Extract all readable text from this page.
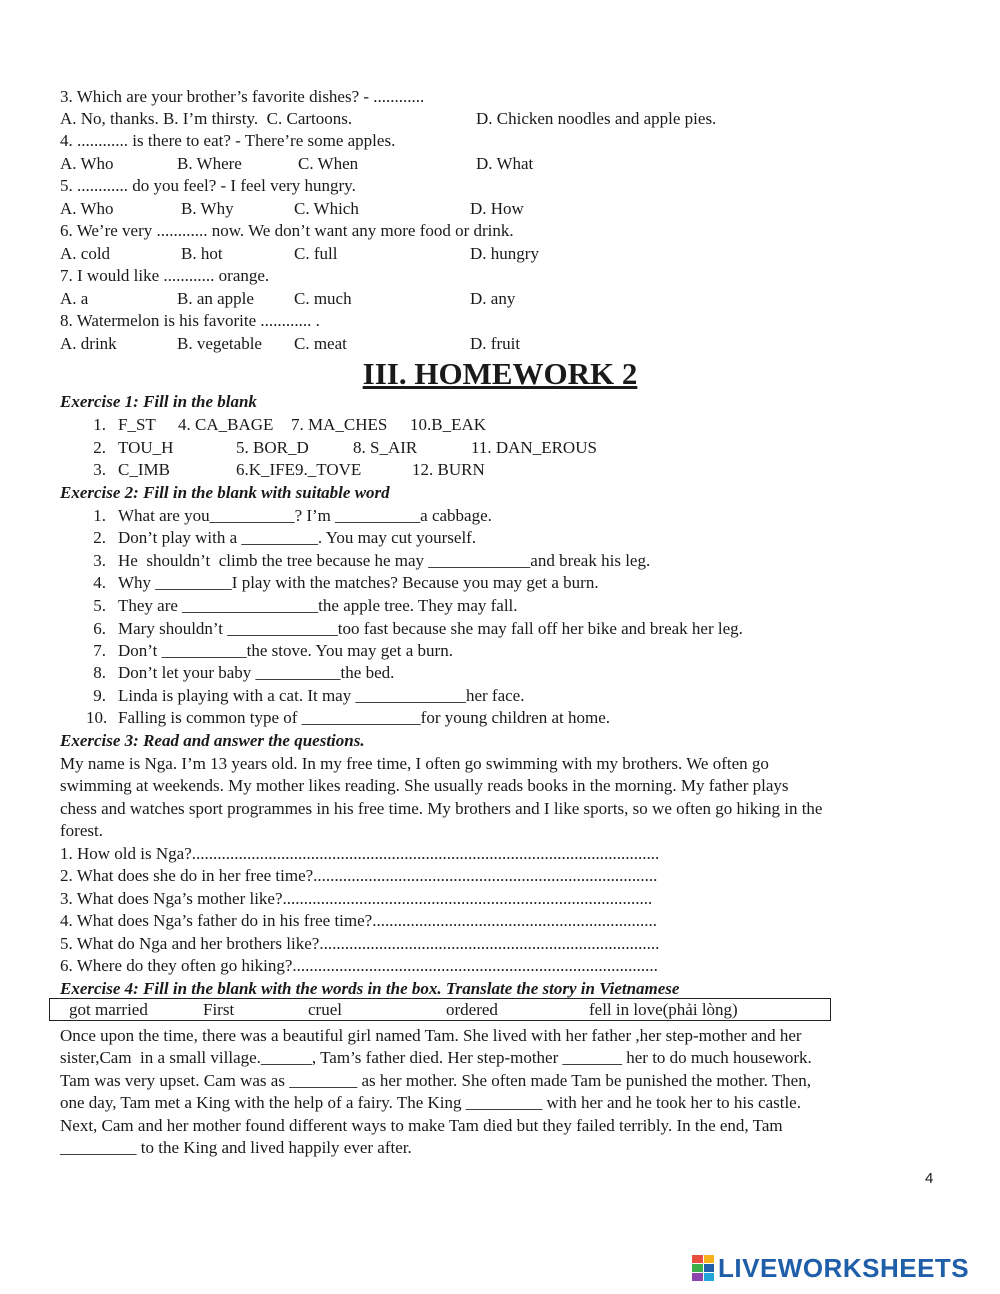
3. Which are your brother’s favorite dishes? - ............
A. No, thanks. B. I’m thirsty.  C. Cartoons.	D. Chicken noodles and apple pies.
4. ............ is there to eat? - There’re some apples.
A. Who	B. Where	C. When	D. What
5. ............ do you feel? - I feel very hungry.
A. Who	B. Why	C. Which	D. How
6. We’re very ............ now. We don’t want any more food or drink.
A. cold	B. hot	C. full	D. hungry
7. I would like ............ orange.
A. a	B. an apple C. much	D. any
8. Watermelon is his favorite ............ .
A. drink	B. vegetable C. meat	D. fruit
III. HOMEWORK 2
Exercise 1: Fill in the blank
1. F_ST 4. CA_BAGE 7. MA_CHES 10.B_EAK
2. TOU_H	5. BOR_D	8. S_AIR	11. DAN_EROUS
3. C_IMB	6.K_IFE9._TOVE	12. BURN
Exercise 2: Fill in the blank with suitable word
1. What are you__________? I’m __________a cabbage.
2. Don’t play with a _________. You may cut yourself.
3. He  shouldn’t  climb the tree because he may ____________and break his leg.
4. Why _________I play with the matches? Because you may get a burn.
5. They are ________________the apple tree. They may fall.
6. Mary shouldn’t _____________too fast because she may fall off her bike and break her leg.
7. Don’t __________the stove. You may get a burn.
8. Don’t let your baby __________the bed.
9. Linda is playing with a cat. It may _____________her face.
10. Falling is common type of ______________for young children at home.
Exercise 3: Read and answer the questions.
My name is Nga. I’m 13 years old. In my free time, I often go swimming with my brothers. We often go
swimming at weekends. My mother likes reading. She usually reads books in the morning. My father plays
chess and watches sport programmes in his free time. My brothers and I like sports, so we often go hiking in the
forest.
1. How old is Nga?..............................................................................................................
2. What does she do in her free time?.................................................................................
3. What does Nga’s mother like?.......................................................................................
4. What does Nga’s father do in his free time?...................................................................
5. What do Nga and her brothers like?................................................................................
6. Where do they often go hiking?......................................................................................
Exercise 4: Fill in the blank with the words in the box. Translate the story in Vietnamese
got married	First	cruel	ordered	fell in love(phải lòng)
Once upon the time, there was a beautiful girl named Tam. She lived with her father ,her step-mother and her
sister,Cam  in a small village.______, Tam’s father died. Her step-mother _______ her to do much housework.
Tam was very upset. Cam was as ________ as her mother. She often made Tam be punished the mother. Then,
one day, Tam met a King with the help of a fairy. The King _________ with her and he took her to his castle.
Next, Cam and her mother found different ways to make Tam died but they failed terribly. In the end, Tam
_________ to the King and lived happily ever after.
4
LIVEWORKSHEETS
